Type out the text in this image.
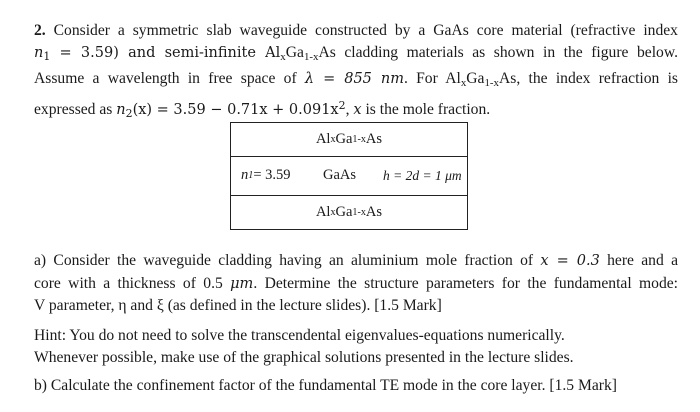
2. Consider a symmetric slab waveguide constructed by a GaAs core material (refractive index
$n_1 = 3.59$) and semi-infinite $Al_xGa_{1-x}As$ cladding materials as shown in the figure below.
Assume a wavelength in free space of λ = 855 nm. For $Al_xGa_{1-x}As$, the index refraction is
expressed as $n_2(x) = 3.59 - 0.71x + 0.091x^2$, x is the mole fraction.
Al x Ga 1-x As
n 1 = 3.59 GaAs h = 2d = 1 μm
Al x Ga 1-x As
a) Consider the waveguide cladding having an aluminium mole fraction of x = 0.3 here and a
core with a thickness of 0.5 μm. Determine the structure parameters for the fundamental mode:
V parameter, η and ξ (as defined in the lecture slides). [1.5 Mark]
Hint: You do not need to solve the transcendental eigenvalues-equations numerically.
Whenever possible, make use of the graphical solutions presented in the lecture slides.
b) Calculate the confinement factor of the fundamental TE mode in the core layer. [1.5 Mark]
